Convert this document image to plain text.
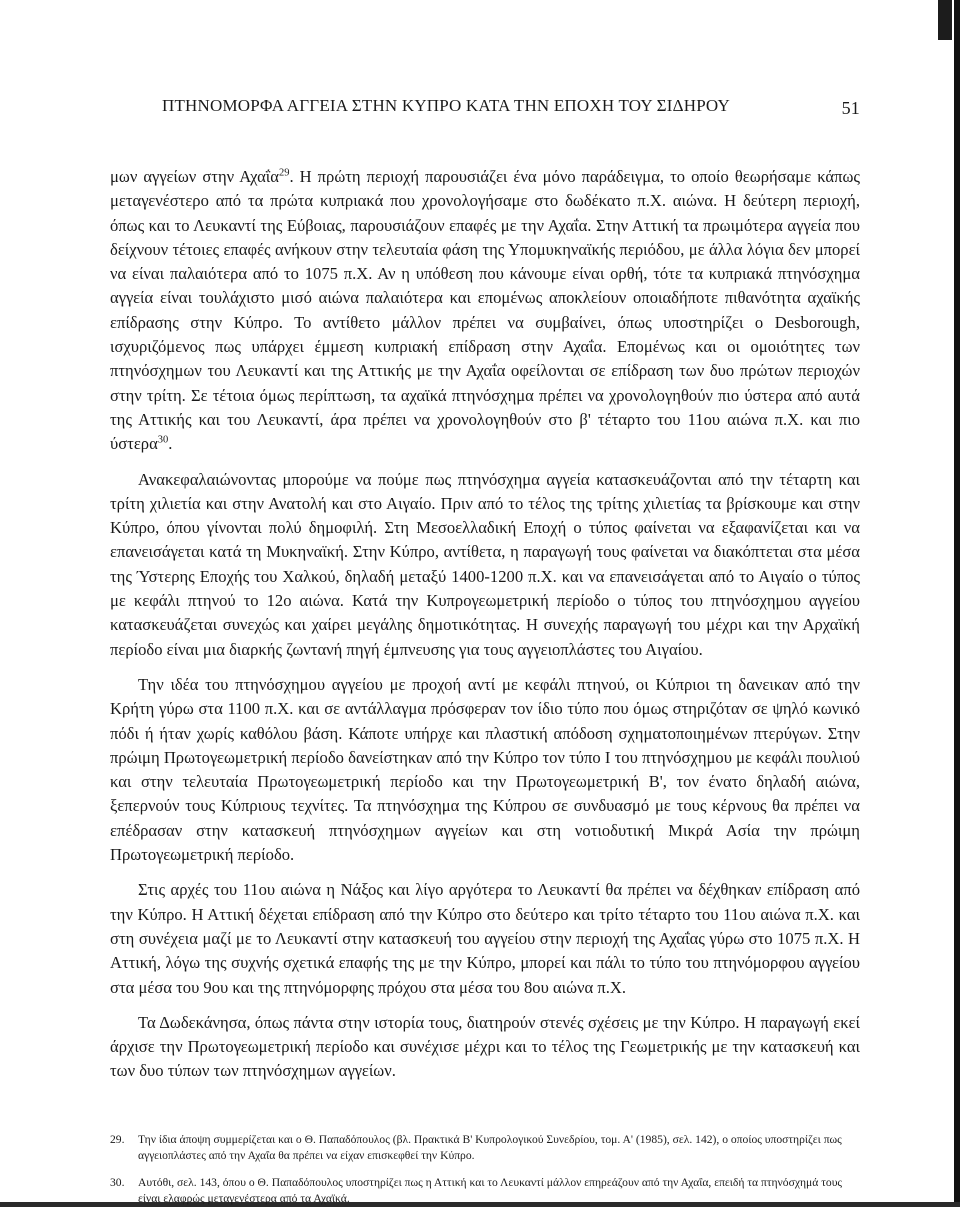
ΠΤΗΝΟΜΟΡΦΑ ΑΓΓΕΙΑ ΣΤΗΝ ΚΥΠΡΟ ΚΑΤΑ ΤΗΝ ΕΠΟΧΗ ΤΟΥ ΣΙΔΗΡΟΥ	51

μων αγγείων στην Αχαΐα$^{29}$. Η πρώτη περιοχή παρουσιάζει ένα μόνο παράδειγμα, το οποίο θεωρήσαμε κάπως μεταγενέστερο από τα πρώτα κυπριακά που χρονολογήσαμε στο δωδέκατο π.Χ. αιώνα. Η δεύτερη περιοχή, όπως και το Λευκαντί της Εύβοιας, παρουσιάζουν επαφές με την Αχαΐα. Στην Αττική τα πρωιμότερα αγγεία που δείχνουν τέτοιες επαφές ανήκουν στην τελευταία φάση της Υπομυκηναϊκής περιόδου, με άλλα λόγια δεν μπορεί να είναι παλαιότερα από το 1075 π.Χ. Αν η υπόθεση που κάνουμε είναι ορθή, τότε τα κυπριακά πτηνόσχημα αγγεία είναι τουλάχιστο μισό αιώνα παλαιότερα και επομένως αποκλείουν οποιαδήποτε πιθανότητα αχαϊκής επίδρασης στην Κύπρο. Το αντίθετο μάλλον πρέπει να συμβαίνει, όπως υποστηρίζει ο Desborough, ισχυριζόμενος πως υπάρχει έμμεση κυπριακή επίδραση στην Αχαΐα. Επομένως και οι ομοιότητες των πτηνόσχημων του Λευκαντί και της Αττικής με την Αχαΐα οφείλονται σε επίδραση των δυο πρώτων περιοχών στην τρίτη. Σε τέτοια όμως περίπτωση, τα αχαϊκά πτηνόσχημα πρέπει να χρονολογηθούν πιο ύστερα από αυτά της Αττικής και του Λευκαντί, άρα πρέπει να χρονολογηθούν στο β' τέταρτο του 11ου αιώνα π.Χ. και πιο ύστερα$^{30}$.

Ανακεφαλαιώνοντας μπορούμε να πούμε πως πτηνόσχημα αγγεία κατασκευάζονται από την τέταρτη και τρίτη χιλιετία και στην Ανατολή και στο Αιγαίο. Πριν από το τέλος της τρίτης χιλιετίας τα βρίσκουμε και στην Κύπρο, όπου γίνονται πολύ δημοφιλή. Στη Μεσοελλαδική Εποχή ο τύπος φαίνεται να εξαφανίζεται και να επανεισάγεται κατά τη Μυκηναϊκή. Στην Κύπρο, αντίθετα, η παραγωγή τους φαίνεται να διακόπτεται στα μέσα της Ύστερης Εποχής του Χαλκού, δηλαδή μεταξύ 1400-1200 π.Χ. και να επανεισάγεται από το Αιγαίο ο τύπος με κεφάλι πτηνού το 12ο αιώνα. Κατά την Κυπρογεωμετρική περίοδο ο τύπος του πτηνόσχημου αγγείου κατασκευάζεται συνεχώς και χαίρει μεγάλης δημοτικότητας. Η συνεχής παραγωγή του μέχρι και την Αρχαϊκή περίοδο είναι μια διαρκής ζωντανή πηγή έμπνευσης για τους αγγειοπλάστες του Αιγαίου.

Την ιδέα του πτηνόσχημου αγγείου με προχοή αντί με κεφάλι πτηνού, οι Κύπριοι τη δανεικαν από την Κρήτη γύρω στα 1100 π.Χ. και σε αντάλλαγμα πρόσφεραν τον ίδιο τύπο που όμως στηριζόταν σε ψηλό κωνικό πόδι ή ήταν χωρίς καθόλου βάση. Κάποτε υπήρχε και πλαστική απόδοση σχηματοποιημένων πτερύγων. Στην πρώιμη Πρωτογεωμετρική περίοδο δανείστηκαν από την Κύπρο τον τύπο I του πτηνόσχημου με κεφάλι πουλιού και στην τελευταία Πρωτογεωμετρική περίοδο και την Πρωτογεωμετρική Β', τον ένατο δηλαδή αιώνα, ξεπερνούν τους Κύπριους τεχνίτες. Τα πτηνόσχημα της Κύπρου σε συνδυασμό με τους κέρνους θα πρέπει να επέδρασαν στην κατασκευή πτηνόσχημων αγγείων και στη νοτιοδυτική Μικρά Ασία την πρώιμη Πρωτογεωμετρική περίοδο.

Στις αρχές του 11ου αιώνα η Νάξος και λίγο αργότερα το Λευκαντί θα πρέπει να δέχθηκαν επίδραση από την Κύπρο. Η Αττική δέχεται επίδραση από την Κύπρο στο δεύτερο και τρίτο τέταρτο του 11ου αιώνα π.Χ. και στη συνέχεια μαζί με το Λευκαντί στην κατασκευή του αγγείου στην περιοχή της Αχαΐας γύρω στο 1075 π.Χ. Η Αττική, λόγω της συχνής σχετικά επαφής της με την Κύπρο, μπορεί και πάλι το τύπο του πτηνόμορφου αγγείου στα μέσα του 9ου και της πτηνόμορφης πρόχου στα μέσα του 8ου αιώνα π.Χ.

Τα Δωδεκάνησα, όπως πάντα στην ιστορία τους, διατηρούν στενές σχέσεις με την Κύπρο. Η παραγωγή εκεί άρχισε την Πρωτογεωμετρική περίοδο και συνέχισε μέχρι και το τέλος της Γεωμετρικής με την κατασκευή και των δυο τύπων των πτηνόσχημων αγγείων.

29. Την ίδια άποψη συμμερίζεται και ο Θ. Παπαδόπουλος (βλ. Πρακτικά Β' Κυπρολογικού Συνεδρίου, τομ. Α' (1985), σελ. 142), ο οποίος υποστηρίζει πως αγγειοπλάστες από την Αχαΐα θα πρέπει να είχαν επισκεφθεί την Κύπρο.
30. Αυτόθι, σελ. 143, όπου ο Θ. Παπαδόπουλος υποστηρίζει πως η Αττική και το Λευκαντί μάλλον επηρεάζουν από την Αχαΐα, επειδή τα πτηνόσχημά τους είναι ελαφρώς μεταγενέστερα από τα Αχαϊκά.
